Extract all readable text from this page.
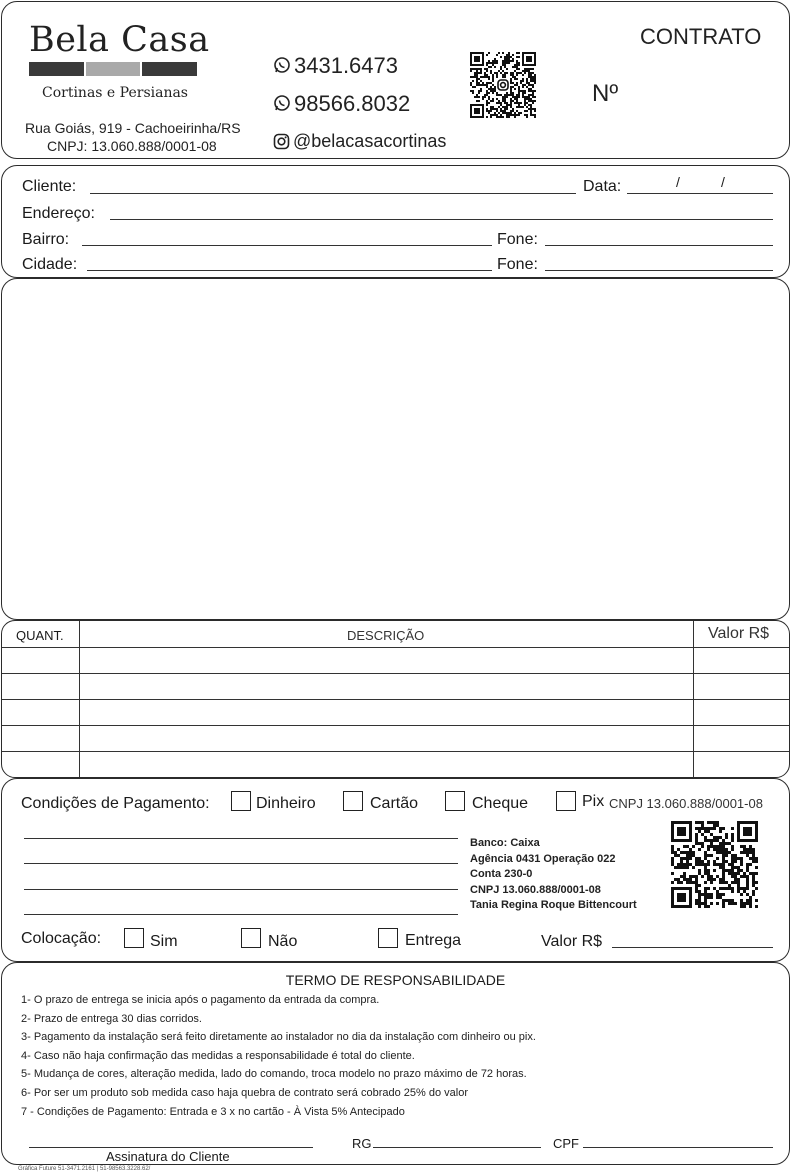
Bela Casa
Cortinas e Persianas
Rua Goiás, 919 - Cachoeirinha/RS
CNPJ: 13.060.888/0001-08
3431.6473
98566.8032
@belacasacortinas
CONTRATO
Nº
Cliente:	Data:	/	/
Endereço:
Bairro:	Fone:
Cidade:	Fone:
QUANT.	DESCRIÇÃO	Valor R$
Condições de Pagamento:	Dinheiro	Cartão	Cheque	Pix CNPJ 13.060.888/0001-08
Banco: Caixa
Agência 0431 Operação 022
Conta 230-0
CNPJ 13.060.888/0001-08
Tania Regina Roque Bittencourt
Colocação:	Sim	Não	Entrega	Valor R$
TERMO DE RESPONSABILIDADE
1- O prazo de entrega se inicia após o pagamento da entrada da compra.
2- Prazo de entrega 30 dias corridos.
3- Pagamento da instalação será feito diretamente ao instalador no dia da instalação com dinheiro ou pix.
4- Caso não haja confirmação das medidas a responsabilidade é total do cliente.
5- Mudança de cores, alteração medida, lado do comando, troca modelo no prazo máximo de 72 horas.
6- Por ser um produto sob medida caso haja quebra de contrato será cobrado 25% do valor
7 - Condições de Pagamento: Entrada e 3 x no cartão - À Vista 5% Antecipado
Assinatura do Cliente
RG	CPF
Gráfica Future 51-3471.2161 | 51-98563.3228.62/
